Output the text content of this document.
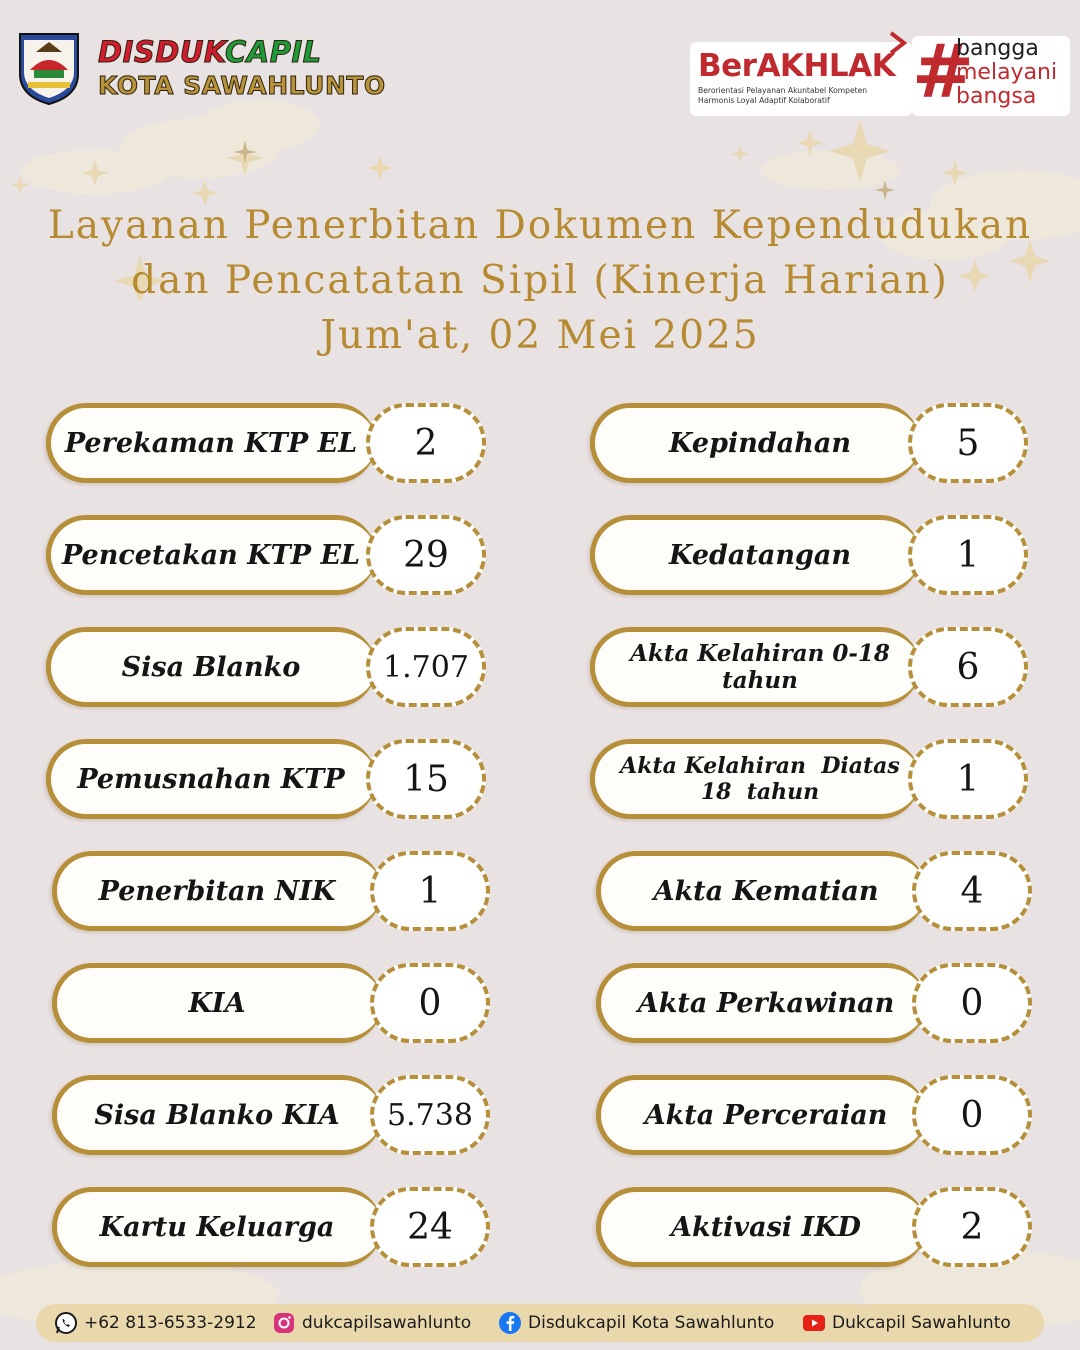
DISDUKCAPIL
KOTA SAWAHLUNTO
BerAKHLAK
Berorientasi Pelayanan Akuntabel Kompeten
Harmonis Loyal Adaptif Kolaboratif	#
bangga
melayani
bangsa
Layanan Penerbitan Dokumen Kependudukan
dan Pencatatan Sipil (Kinerja Harian)
Jum'at, 02 Mei 2025
Perekaman KTP EL	2
Pencetakan KTP EL	29
Sisa Blanko	1.707
Pemusnahan KTP	15
Penerbitan NIK	1
KIA	0
Sisa Blanko KIA	5.738
Kartu Keluarga	24
Kepindahan	5
Kedatangan	1
Akta Kelahiran 0-18 tahun	6
Akta Kelahiran  Diatas
18  tahun	1
Akta Kematian	4
Akta Perkawinan	0
Akta Perceraian	0
Aktivasi IKD	2
+62 813-6533-2912	dukcapilsawahlunto	Disdukcapil Kota Sawahlunto	Dukcapil Sawahlunto
